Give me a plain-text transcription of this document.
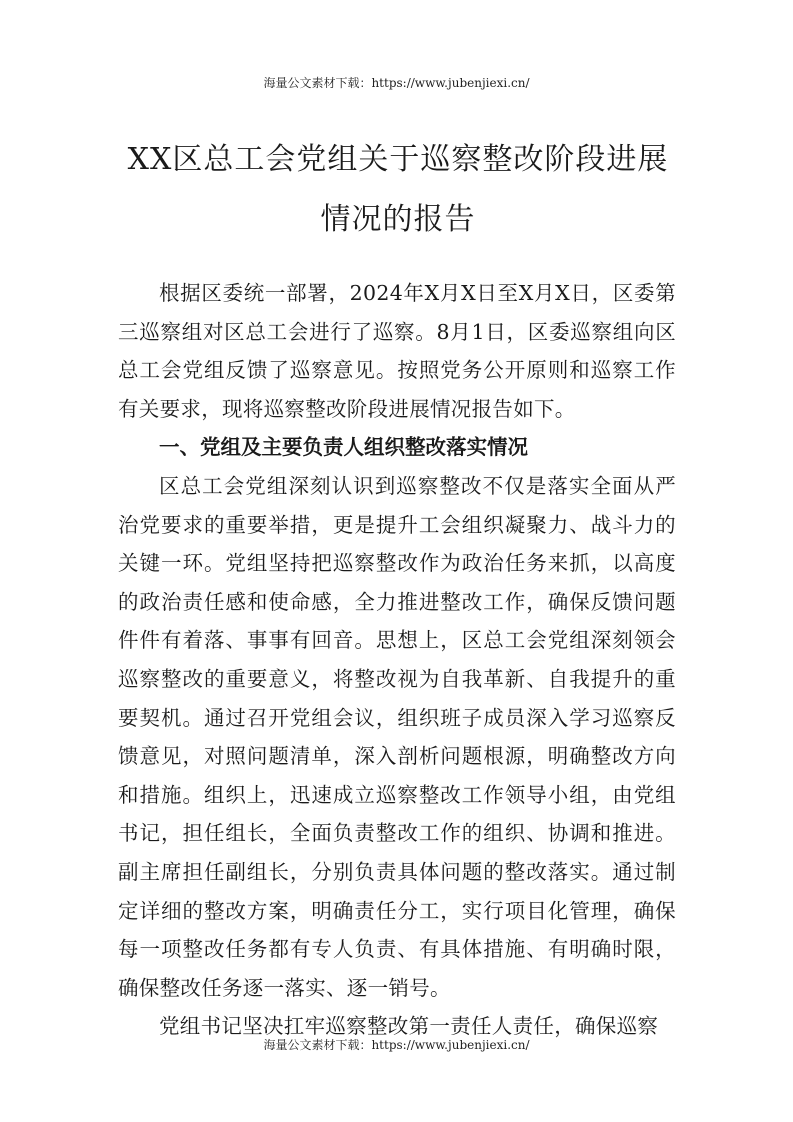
海量公文素材下载：https://www.jubenjiexi.cn/
XX区总工会党组关于巡察整改阶段进展情况的报告

根据区委统一部署，2024年X月X日至X月X日，区委第三巡察组对区总工会进行了巡察。8月1日，区委巡察组向区总工会党组反馈了巡察意见。按照党务公开原则和巡察工作有关要求，现将巡察整改阶段进展情况报告如下。

一、党组及主要负责人组织整改落实情况

区总工会党组深刻认识到巡察整改不仅是落实全面从严治党要求的重要举措，更是提升工会组织凝聚力、战斗力的关键一环。党组坚持把巡察整改作为政治任务来抓，以高度的政治责任感和使命感，全力推进整改工作，确保反馈问题件件有着落、事事有回音。思想上，区总工会党组深刻领会巡察整改的重要意义，将整改视为自我革新、自我提升的重要契机。通过召开党组会议，组织班子成员深入学习巡察反馈意见，对照问题清单，深入剖析问题根源，明确整改方向和措施。组织上，迅速成立巡察整改工作领导小组，由党组书记，担任组长，全面负责整改工作的组织、协调和推进。副主席担任副组长，分别负责具体问题的整改落实。通过制定详细的整改方案，明确责任分工，实行项目化管理，确保每一项整改任务都有专人负责、有具体措施、有明确时限，确保整改任务逐一落实、逐一销号。

党组书记坚决扛牢巡察整改第一责任人责任，确保巡察

海量公文素材下载：https://www.jubenjiexi.cn/
